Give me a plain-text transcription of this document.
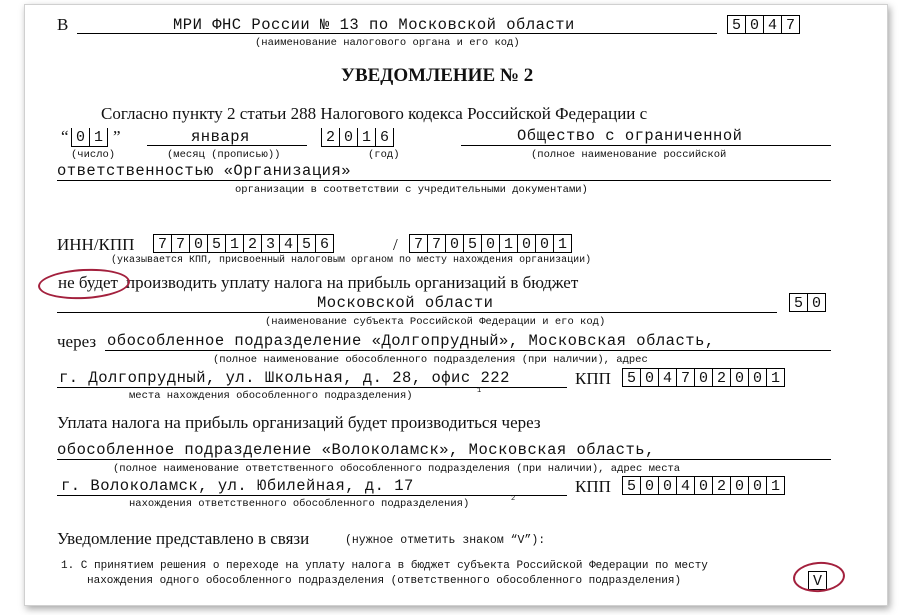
В	МРИ ФНС России № 13 по Московской области
(наименование налогового органа и его код)
5 0 4 7
УВЕДОМЛЕНИЕ № 2
Согласно пункту 2 статьи 288 Налогового кодекса Российской Федерации с
“ 0 1 ”
(число)
января
(месяц (прописью))
2 0 1 6
(год)
Общество с ограниченной
(полное наименование российской
ответственностью «Организация»
организации в соответствии с учредительными документами)
ИНН/КПП	7 7 0 5 1 2 3 4 5 6	/	7 7 0 5 0 1 0 0 1
(указывается КПП, присвоенный налоговым органом по месту нахождения организации)
не будет производить уплату налога на прибыль организаций в бюджет
Московской области
(наименование субъекта Российской Федерации и его код)
5 0
через обособленное подразделение «Долгопрудный», Московская область,
(полное наименование обособленного подразделения (при наличии), адрес
г. Долгопрудный, ул. Школьная, д. 28, офис 222
места нахождения обособленного подразделения)	1
КПП	5 0 4 7 0 2 0 0 1
Уплата налога на прибыль организаций будет производиться через
обособленное подразделение «Волоколамск», Московская область,
(полное наименование ответственного обособленного подразделения (при наличии), адрес места
г. Волоколамск, ул. Юбилейная, д. 17
нахождения ответственного обособленного подразделения)	2
КПП	5 0 0 4 0 2 0 0 1
Уведомление представлено в связи	(нужное отметить знаком “V”):
1. С принятием решения о переходе на уплату налога в бюджет субъекта Российской Федерации по месту
нахождения одного обособленного подразделения (ответственного обособленного подразделения)	V
